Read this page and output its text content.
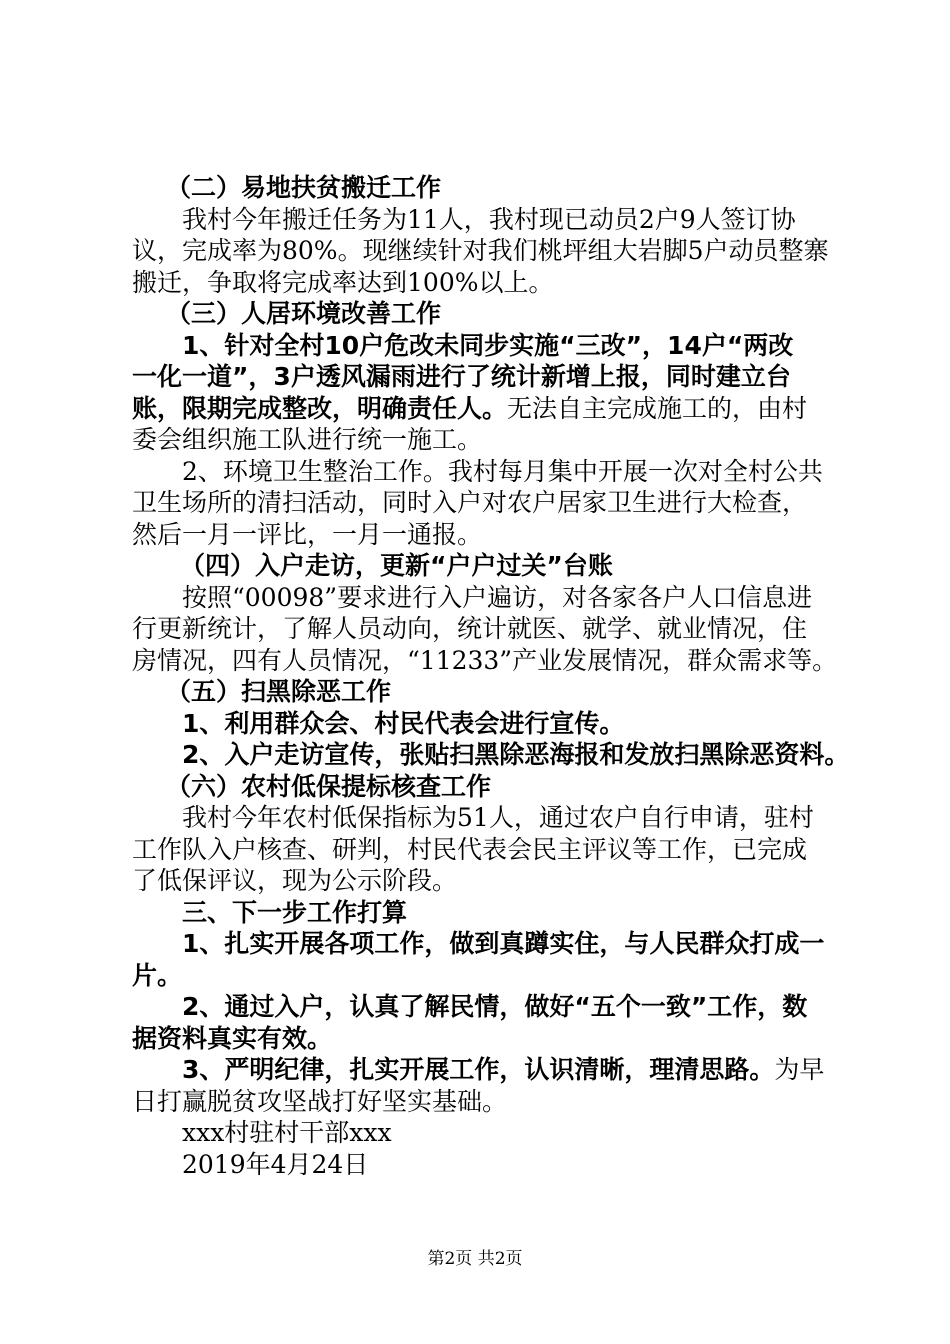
（二）易地扶贫搬迁工作
我村今年搬迁任务为11人，我村现已动员2户9人签订协
议，完成率为80%。现继续针对我们桃坪组大岩脚5户动员整寨
搬迁，争取将完成率达到100%以上。
（三）人居环境改善工作
1、针对全村10户危改未同步实施“三改”，14户“两改
一化一道”，3户透风漏雨进行了统计新增上报，同时建立台
账，限期完成整改，明确责任人。无法自主完成施工的，由村
委会组织施工队进行统一施工。
2、环境卫生整治工作。我村每月集中开展一次对全村公共
卫生场所的清扫活动，同时入户对农户居家卫生进行大检查，
然后一月一评比，一月一通报。
（四）入户走访，更新“户户过关”台账
按照“00098”要求进行入户遍访，对各家各户人口信息进
行更新统计，了解人员动向，统计就医、就学、就业情况，住
房情况，四有人员情况，“11233”产业发展情况，群众需求等。
（五）扫黑除恶工作
1、利用群众会、村民代表会进行宣传。
2、入户走访宣传，张贴扫黑除恶海报和发放扫黑除恶资料。
（六）农村低保提标核查工作
我村今年农村低保指标为51人，通过农户自行申请，驻村
工作队入户核查、研判，村民代表会民主评议等工作，已完成
了低保评议，现为公示阶段。
三、下一步工作打算
1、扎实开展各项工作，做到真蹲实住，与人民群众打成一
片。
2、通过入户，认真了解民情，做好“五个一致”工作，数
据资料真实有效。
3、严明纪律，扎实开展工作，认识清晰，理清思路。为早
日打赢脱贫攻坚战打好坚实基础。
xxx村驻村干部xxx
2019年4月24日
第2页 共2页
